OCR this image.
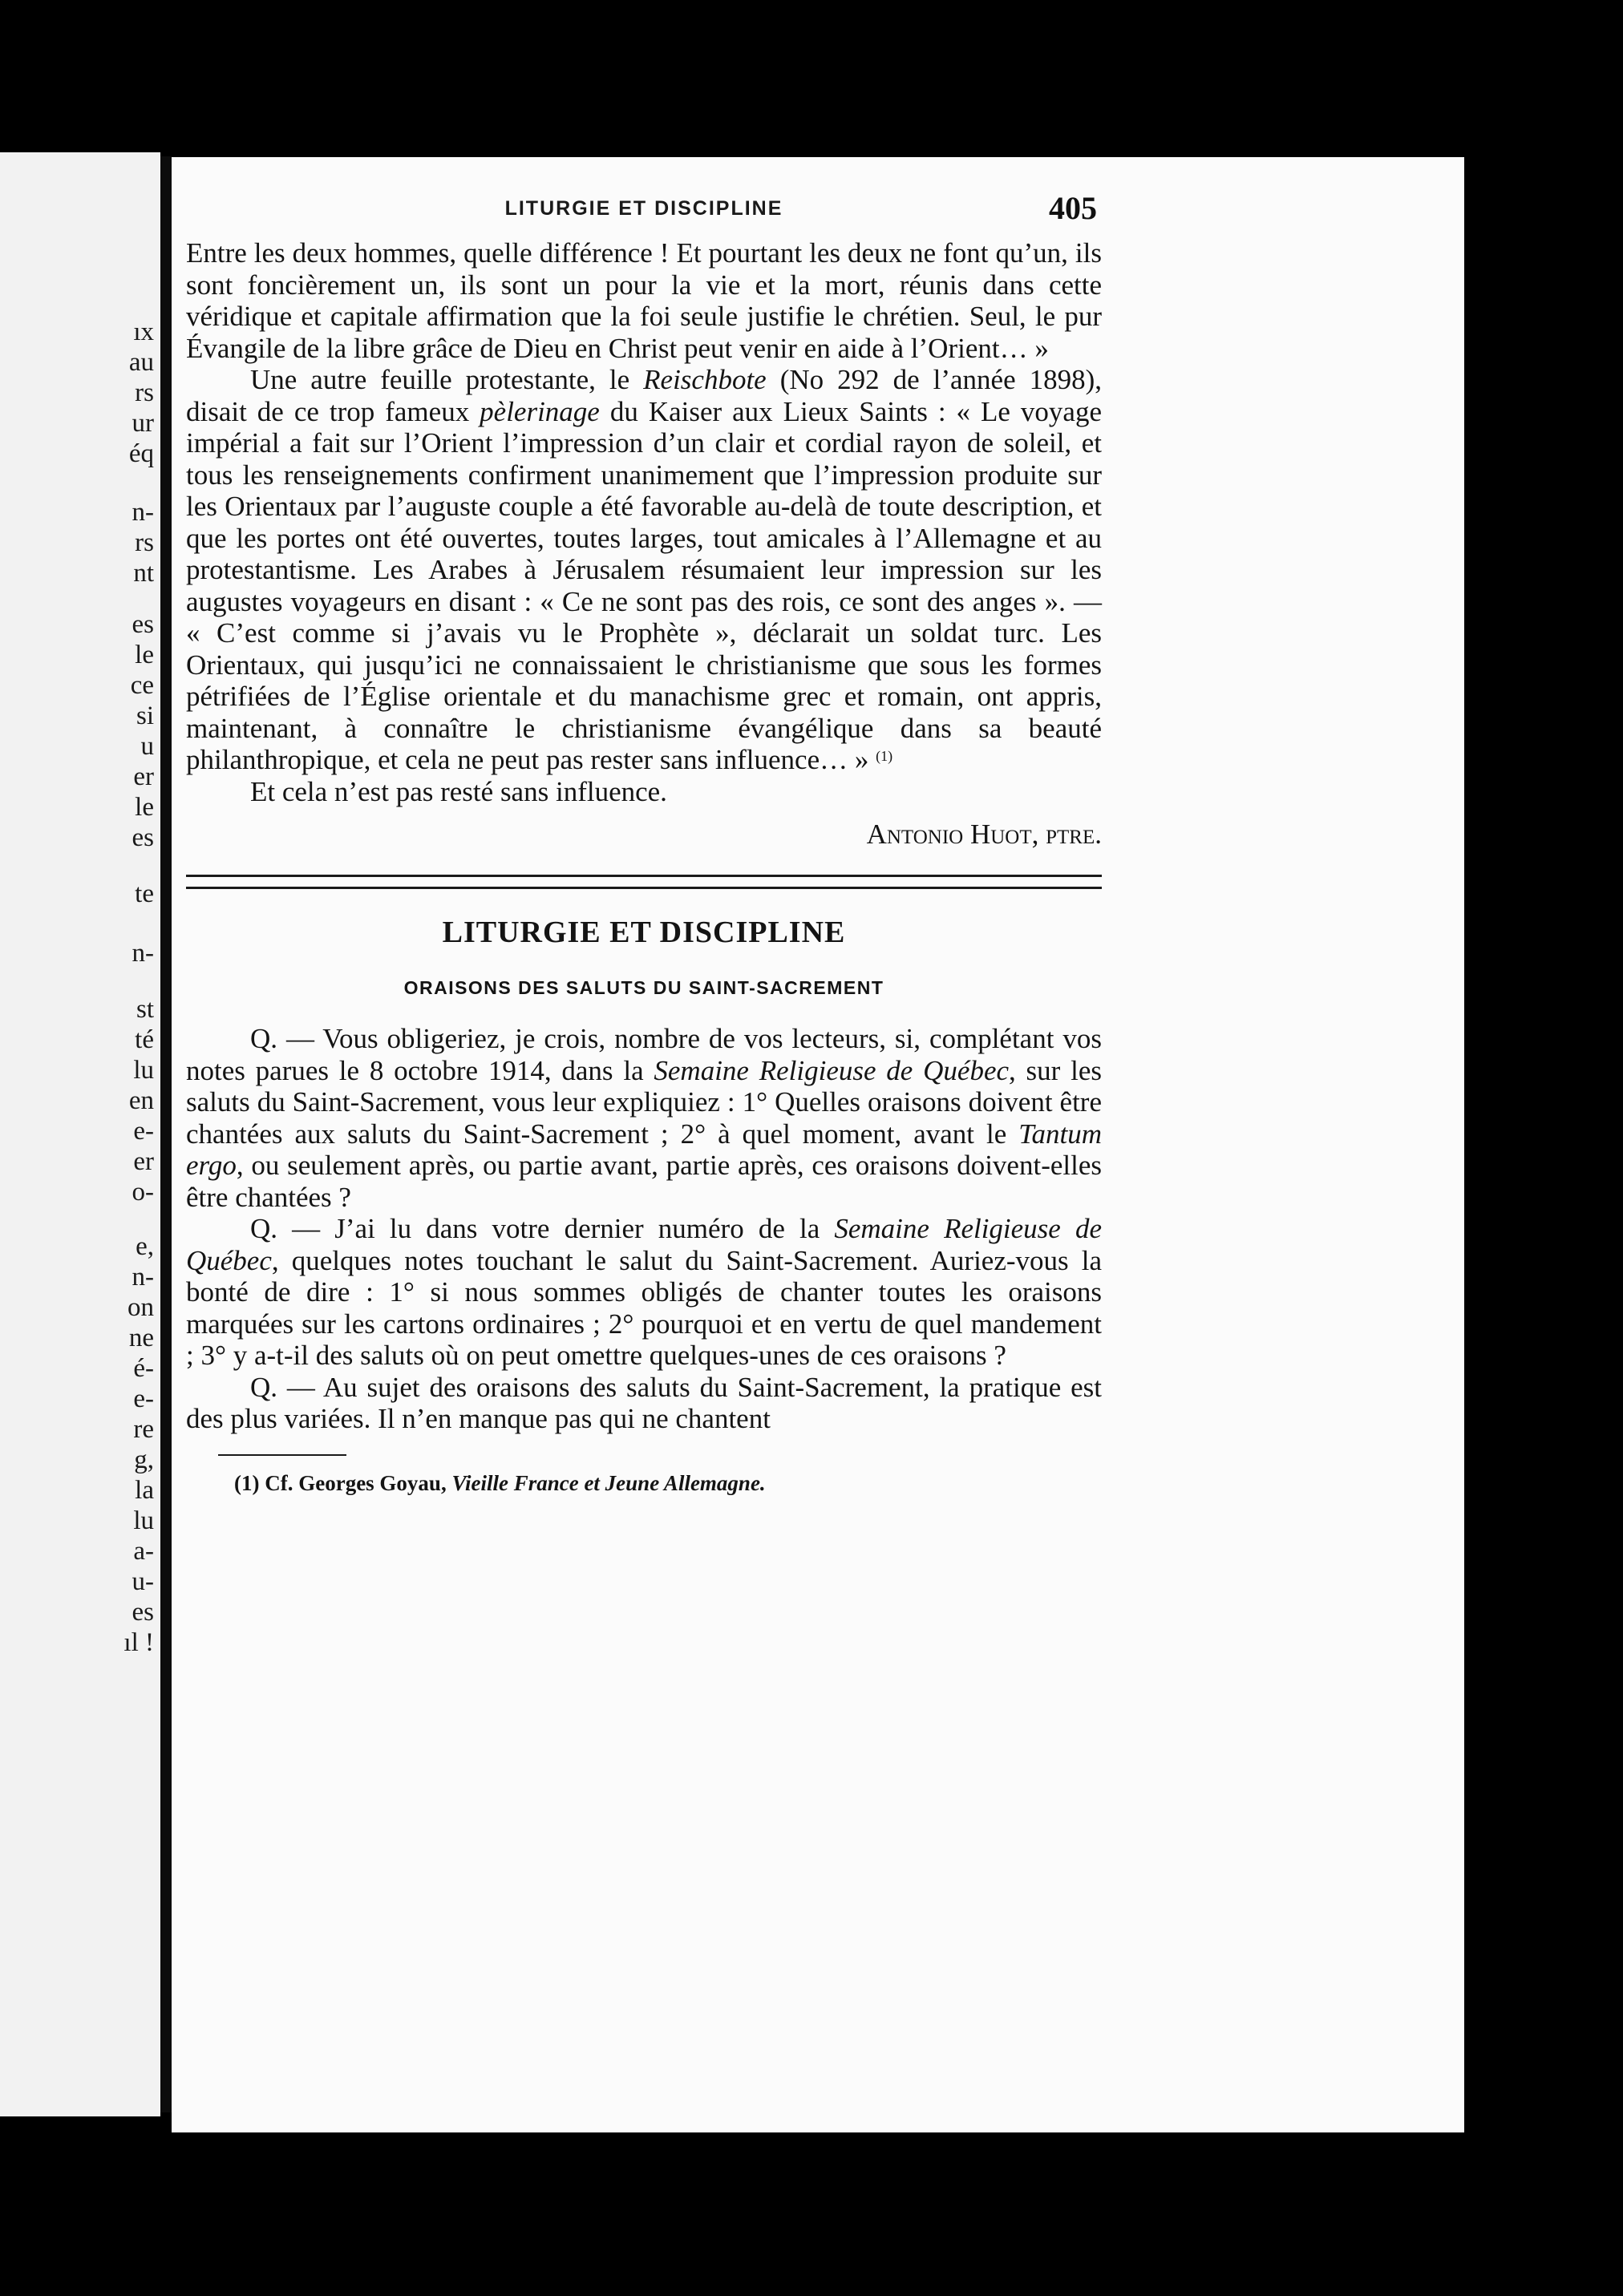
ıx
au
rs
ur
éq
n-
rs
nt
es
le
ce
si
u
er
le
es
te
n-
st
té
lu
en
e-
er
o-
e,
n-
on
ne
é-
e-
re
g,
la
lu
a-
u-
es
ıl !
LITURGIE ET DISCIPLINE	405

Entre les deux hommes, quelle différence ! Et pourtant les deux ne font qu’un, ils sont foncièrement un, ils sont un pour la vie et la mort, réunis dans cette véridique et capitale affirmation que la foi seule justifie le chrétien. Seul, le pur Évangile de la libre grâce de Dieu en Christ peut venir en aide à l’Orient… »

Une autre feuille protestante, le Reischbote (No 292 de l’année 1898), disait de ce trop fameux pèlerinage du Kaiser aux Lieux Saints : « Le voyage impérial a fait sur l’Orient l’impression d’un clair et cordial rayon de soleil, et tous les renseignements confirment unanimement que l’impression produite sur les Orientaux par l’auguste couple a été favorable au-delà de toute description, et que les portes ont été ouvertes, toutes larges, tout amicales à l’Allemagne et au protestantisme. Les Arabes à Jérusalem résumaient leur impression sur les augustes voyageurs en disant : « Ce ne sont pas des rois, ce sont des anges ». — « C’est comme si j’avais vu le Prophète », déclarait un soldat turc. Les Orientaux, qui jusqu’ici ne connaissaient le christianisme que sous les formes pétrifiées de l’Église orientale et du manachisme grec et romain, ont appris, maintenant, à connaître le christianisme évangélique dans sa beauté philanthropique, et cela ne peut pas rester sans influence… » $^{(1)}$

Et cela n’est pas resté sans influence.

Antonio Huot, ptre.
LITURGIE ET DISCIPLINE
ORAISONS DES SALUTS DU SAINT-SACREMENT

Q. — Vous obligeriez, je crois, nombre de vos lecteurs, si, complétant vos notes parues le 8 octobre 1914, dans la Semaine Religieuse de Québec, sur les saluts du Saint-Sacrement, vous leur expliquiez : 1° Quelles oraisons doivent être chantées aux saluts du Saint-Sacrement ; 2° à quel moment, avant le Tantum ergo, ou seulement après, ou partie avant, partie après, ces oraisons doivent-elles être chantées ?

Q. — J’ai lu dans votre dernier numéro de la Semaine Religieuse de Québec, quelques notes touchant le salut du Saint-Sacrement. Auriez-vous la bonté de dire : 1° si nous sommes obligés de chanter toutes les oraisons marquées sur les cartons ordinaires ; 2° pourquoi et en vertu de quel mandement ; 3° y a-t-il des saluts où on peut omettre quelques-unes de ces oraisons ?

Q. — Au sujet des oraisons des saluts du Saint-Sacrement, la pratique est des plus variées. Il n’en manque pas qui ne chantent

(1) Cf. Georges Goyau, Vieille France et Jeune Allemagne.
